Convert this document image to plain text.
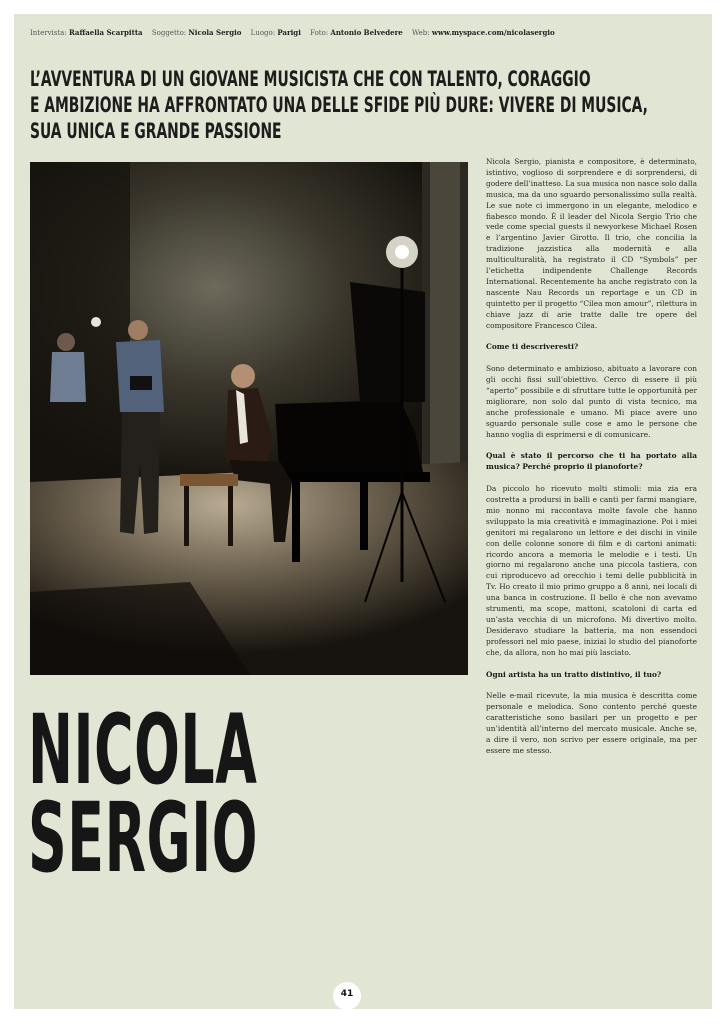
Intervista: Raffaella Scarpitta Soggetto: Nicola Sergio Luogo: Parigi Foto: Antonio Belvedere Web: www.myspace.com/nicolasergio
L’AVVENTURA DI UN GIOVANE MUSICISTA CHE CON TALENTO, CORAGGIO
E AMBIZIONE HA AFFRONTATO UNA DELLE SFIDE PIÙ DURE: VIVERE DI MUSICA,
SUA UNICA E GRANDE PASSIONE

Nicola Sergio, pianista e compositore, è determinato, istintivo, voglioso di sorprendere e di sorprendersi, di godere dell’inatteso. La sua musica non nasce solo dalla musica, ma da uno sguardo personalissimo sulla realtà. Le sue note ci immergono in un elegante, melodico e fiabesco mondo. È il leader del Nicola Sergio Trio che vede come special guests il newyorkese Michael Rosen e l’argentino Javier Girotto. Il trio, che concilia la tradizione jazzistica alla modernità e alla multiculturalità, ha registrato il CD “Symbols” per l’etichetta indipendente Challenge Records International. Recentemente ha anche registrato con la nascente Nau Records un reportage e un CD in quintetto per il progetto “Cilea mon amour”, rilettura in chiave jazz di arie tratte dalle tre opere del compositore Francesco Cilea.

Come ti descriveresti?

Sono determinato e ambizioso, abituato a lavorare con gli occhi fissi sull’obiettivo. Cerco di essere il più “aperto” possibile e di sfruttare tutte le opportunità per migliorare, non solo dal punto di vista tecnico, ma anche professionale e umano. Mi piace avere uno sguardo personale sulle cose e amo le persone che hanno voglia di esprimersi e di comunicare.

Qual è stato il percorso che ti ha portato alla musica? Perché proprio il pianoforte?

Da piccolo ho ricevuto molti stimoli: mia zia era costretta a prodursi in balli e canti per farmi mangiare, mio nonno mi raccontava molte favole che hanno sviluppato la mia creatività e immaginazione. Poi i miei genitori mi regalarono un lettore e dei dischi in vinile con delle colonne sonore di film e di cartoni animati: ricordo ancora a memoria le melodie e i testi. Un giorno mi regalarono anche una piccola tastiera, con cui riproducevo ad orecchio i temi delle pubblicità in Tv. Ho creato il mio primo gruppo a 8 anni, nei locali di una banca in costruzione. Il bello è che non avevamo strumenti, ma scope, mattoni, scatoloni di carta ed un’asta vecchia di un microfono. Mi divertivo molto. Desideravo studiare la batteria, ma non essendoci professori nel mio paese, iniziai lo studio del pianoforte che, da allora, non ho mai più lasciato.

Ogni artista ha un tratto distintivo, il tuo?

Nelle e-mail ricevute, la mia musica è descritta come personale e melodica. Sono contento perché queste caratteristiche sono basilari per un progetto e per un’identità all’interno del mercato musicale. Anche se, a dire il vero, non scrivo per essere originale, ma per essere me stesso.

NICOLA
SERGIO
41
